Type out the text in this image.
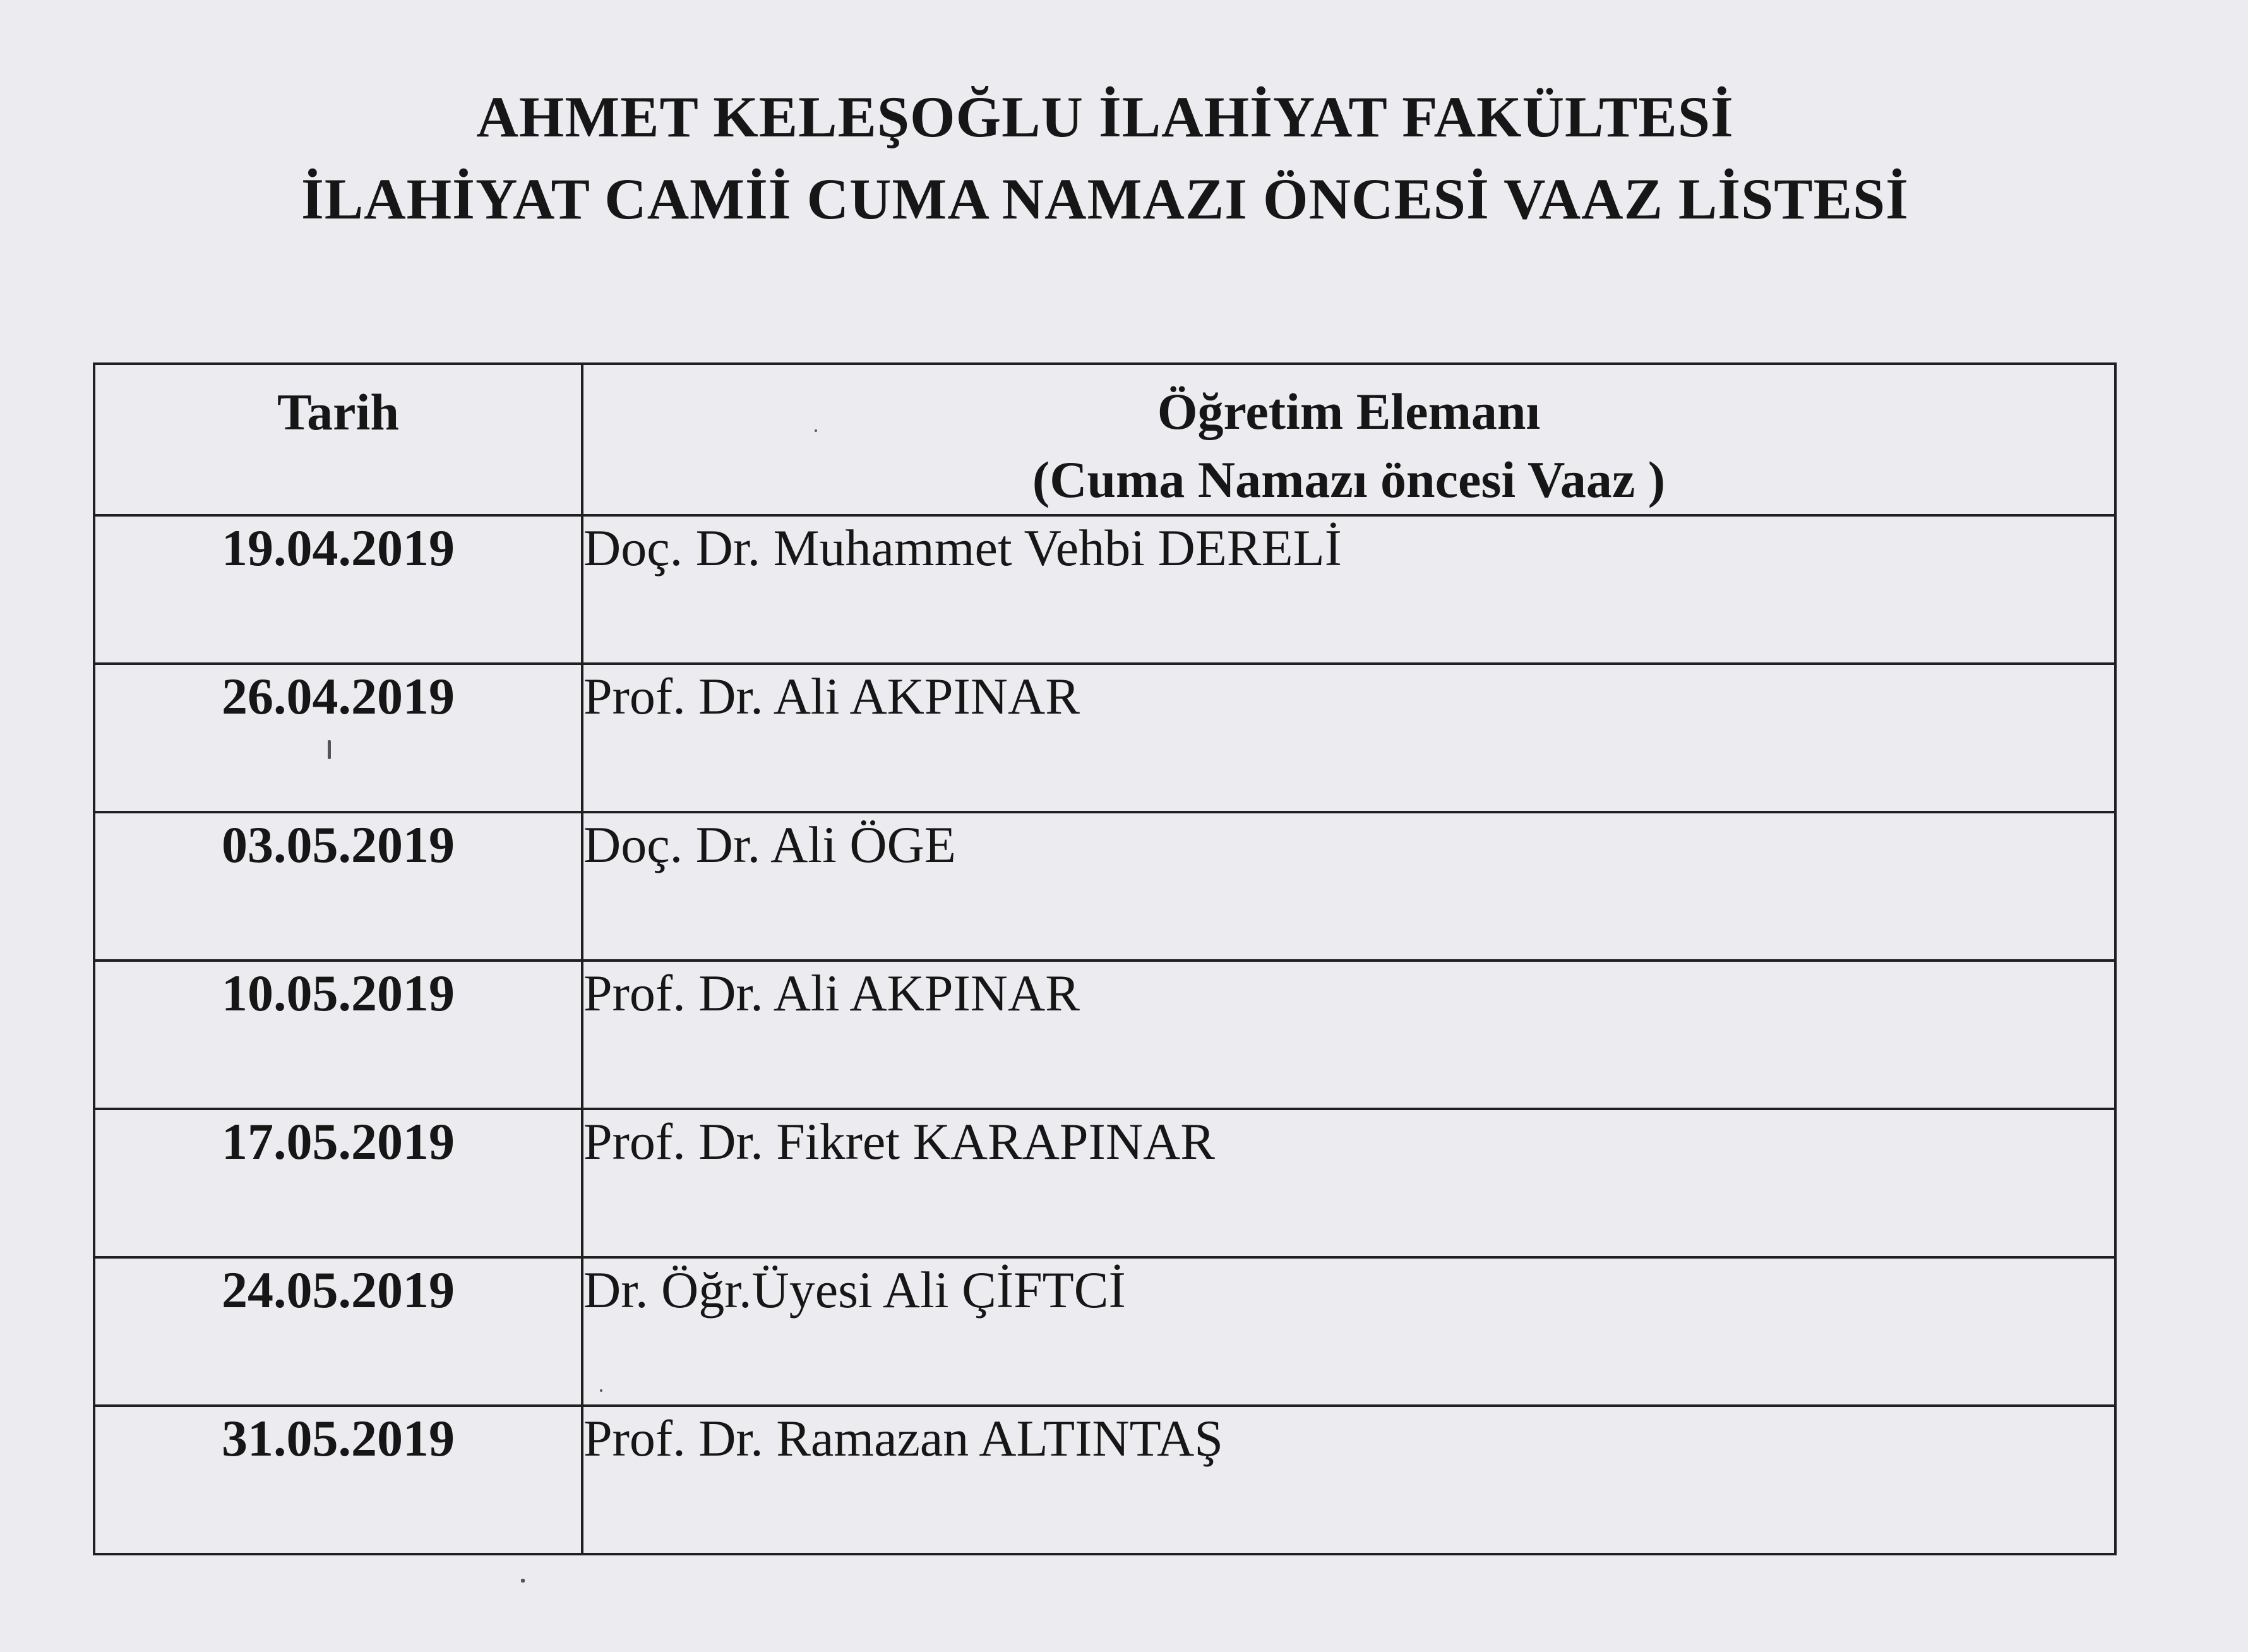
AHMET KELEŞOĞLU İLAHİYAT FAKÜLTESİ
İLAHİYAT CAMİİ CUMA NAMAZI ÖNCESİ VAAZ LİSTESİ
Tarih	Öğretim Elemanı
(Cuma Namazı öncesi Vaaz )

19.04.2019	Doç. Dr. Muhammet Vehbi DERELİ
26.04.2019	Prof. Dr. Ali AKPINAR
03.05.2019	Doç. Dr. Ali ÖGE
10.05.2019	Prof. Dr. Ali AKPINAR
17.05.2019	Prof. Dr. Fikret KARAPINAR
24.05.2019	Dr. Öğr.Üyesi Ali ÇİFTCİ
31.05.2019	Prof. Dr. Ramazan ALTINTAŞ
